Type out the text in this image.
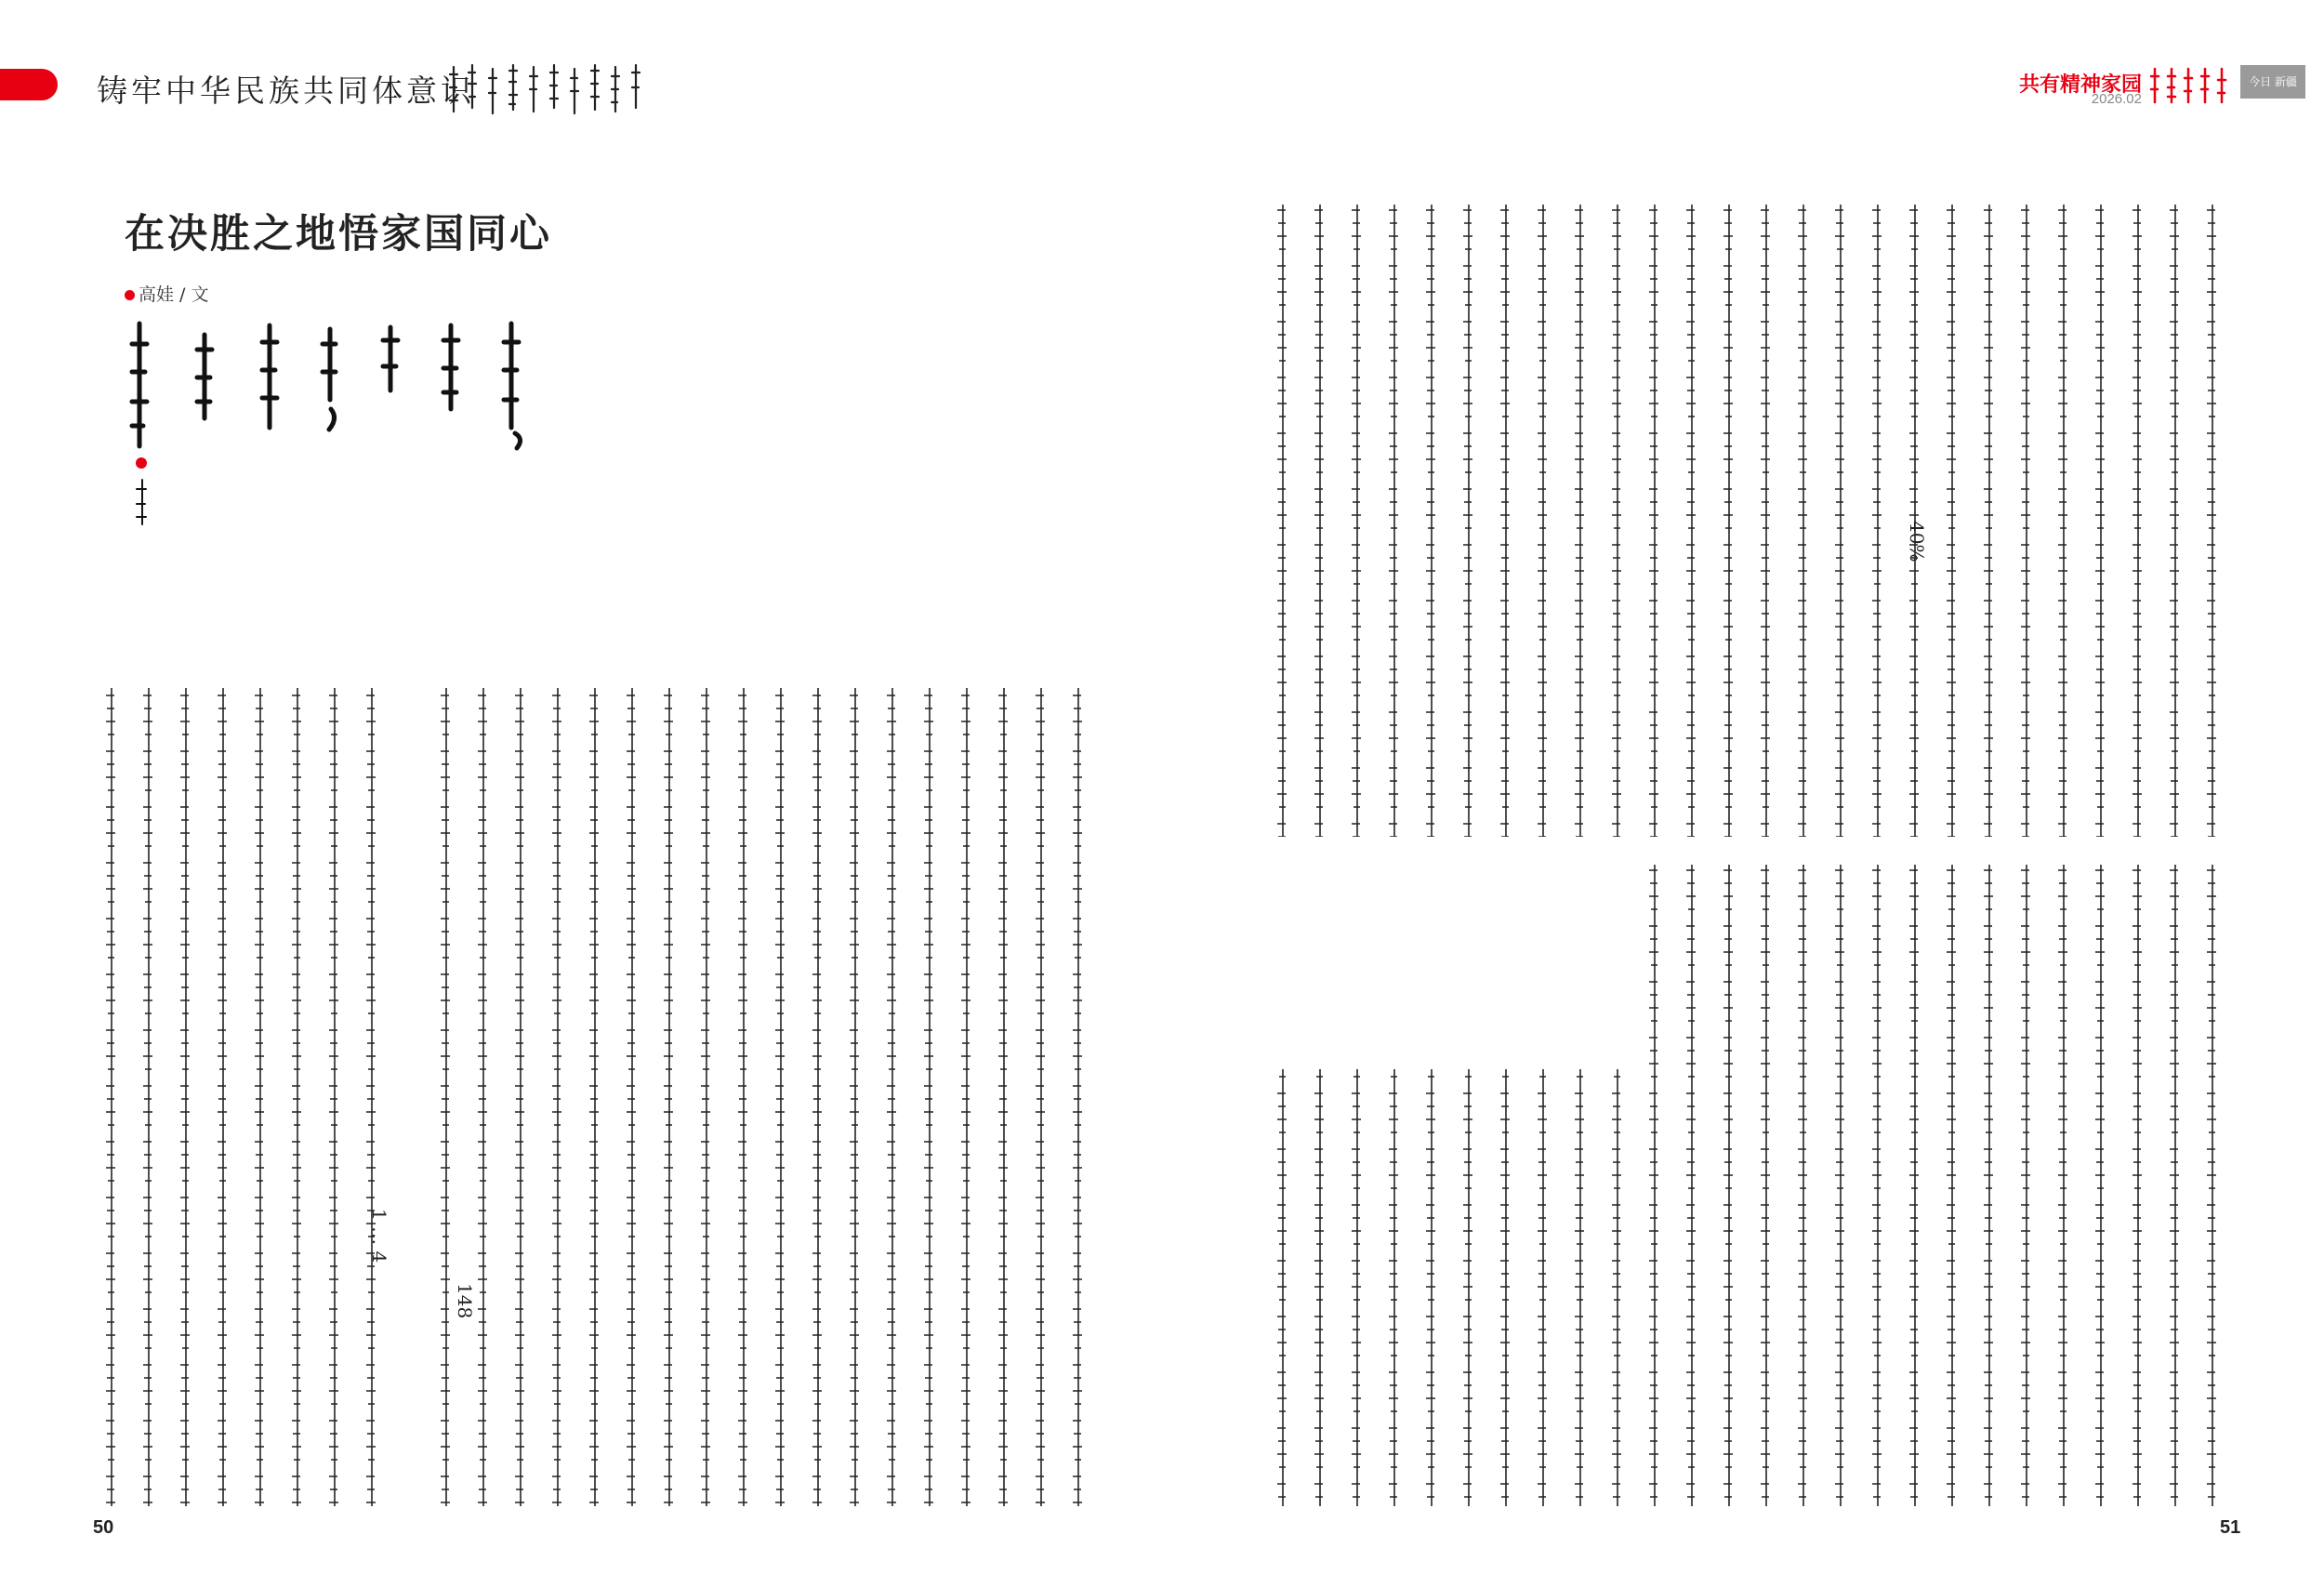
铸牢中华民族共同体意识
在决胜之地悟家国同心
高娃 / 文
148
1 … 4
50
共有精神家园
2026.02
今日 新疆
40%
51
